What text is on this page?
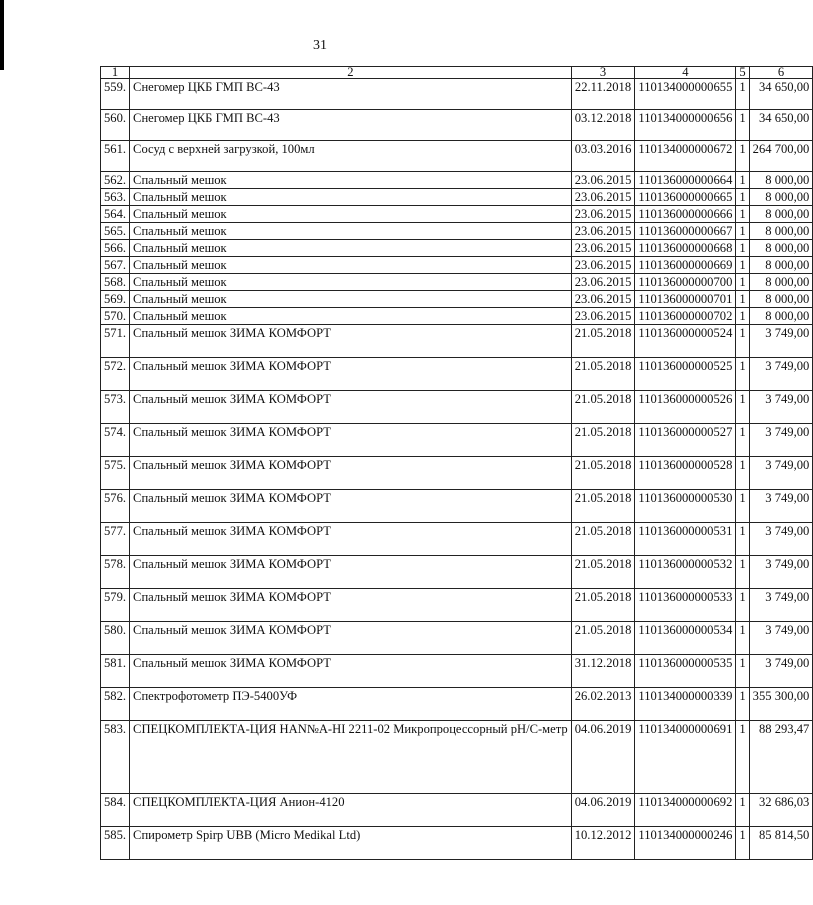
31
1	2	3	4	5	6
559.	Снегомер ЦКБ ГМП ВС-43	22.11.2018	110134000000655	1	34 650,00
560.	Снегомер ЦКБ ГМП ВС-43	03.12.2018	110134000000656	1	34 650,00
561.	Сосуд с верхней загрузкой, 100мл	03.03.2016	110134000000672	1	264 700,00
562.	Спальный мешок	23.06.2015	110136000000664	1	8 000,00
563.	Спальный мешок	23.06.2015	110136000000665	1	8 000,00
564.	Спальный мешок	23.06.2015	110136000000666	1	8 000,00
565.	Спальный мешок	23.06.2015	110136000000667	1	8 000,00
566.	Спальный мешок	23.06.2015	110136000000668	1	8 000,00
567.	Спальный мешок	23.06.2015	110136000000669	1	8 000,00
568.	Спальный мешок	23.06.2015	110136000000700	1	8 000,00
569.	Спальный мешок	23.06.2015	110136000000701	1	8 000,00
570.	Спальный мешок	23.06.2015	110136000000702	1	8 000,00
571.	Спальный мешок ЗИМА КОМФОРТ	21.05.2018	110136000000524	1	3 749,00
572.	Спальный мешок ЗИМА КОМФОРТ	21.05.2018	110136000000525	1	3 749,00
573.	Спальный мешок ЗИМА КОМФОРТ	21.05.2018	110136000000526	1	3 749,00
574.	Спальный мешок ЗИМА КОМФОРТ	21.05.2018	110136000000527	1	3 749,00
575.	Спальный мешок ЗИМА КОМФОРТ	21.05.2018	110136000000528	1	3 749,00
576.	Спальный мешок ЗИМА КОМФОРТ	21.05.2018	110136000000530	1	3 749,00
577.	Спальный мешок ЗИМА КОМФОРТ	21.05.2018	110136000000531	1	3 749,00
578.	Спальный мешок ЗИМА КОМФОРТ	21.05.2018	110136000000532	1	3 749,00
579.	Спальный мешок ЗИМА КОМФОРТ	21.05.2018	110136000000533	1	3 749,00
580.	Спальный мешок ЗИМА КОМФОРТ	21.05.2018	110136000000534	1	3 749,00
581.	Спальный мешок ЗИМА КОМФОРТ	31.12.2018	110136000000535	1	3 749,00
582.	Спектрофотометр ПЭ-5400УФ	26.02.2013	110134000000339	1	355 300,00
583.	СПЕЦКОМПЛЕКТА-ЦИЯ HAN№A-HI 2211-02 Микропроцессорный pH/C-метр	04.06.2019	110134000000691	1	88 293,47
584.	СПЕЦКОМПЛЕКТА-ЦИЯ Анион-4120	04.06.2019	110134000000692	1	32 686,03
585.	Спирометр Spirp UBB (Micro Medikal Ltd)	10.12.2012	110134000000246	1	85 814,50
